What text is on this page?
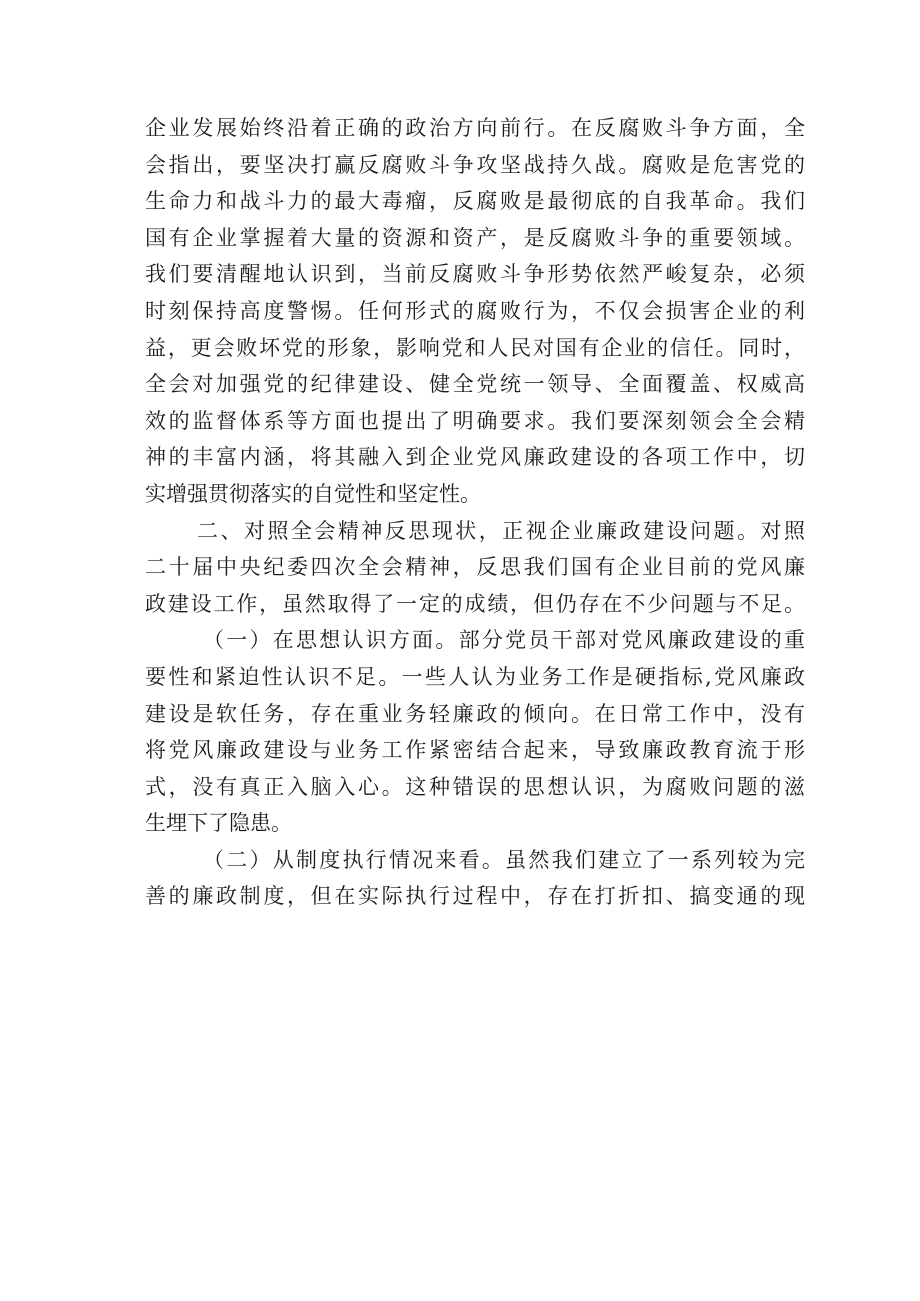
企业发展始终沿着正确的政治方向前行。在反腐败斗争方面，全
会指出，要坚决打赢反腐败斗争攻坚战持久战。腐败是危害党的
生命力和战斗力的最大毒瘤，反腐败是最彻底的自我革命。我们
国有企业掌握着大量的资源和资产，是反腐败斗争的重要领域。
我们要清醒地认识到，当前反腐败斗争形势依然严峻复杂，必须
时刻保持高度警惕。任何形式的腐败行为，不仅会损害企业的利
益，更会败坏党的形象，影响党和人民对国有企业的信任。同时，
全会对加强党的纪律建设、健全党统一领导、全面覆盖、权威高
效的监督体系等方面也提出了明确要求。我们要深刻领会全会精
神的丰富内涵，将其融入到企业党风廉政建设的各项工作中，切
实增强贯彻落实的自觉性和坚定性。
二、对照全会精神反思现状，正视企业廉政建设问题。对照
二十届中央纪委四次全会精神，反思我们国有企业目前的党风廉
政建设工作，虽然取得了一定的成绩，但仍存在不少问题与不足。
（一）在思想认识方面。部分党员干部对党风廉政建设的重
要性和紧迫性认识不足。一些人认为业务工作是硬指标,党风廉政
建设是软任务，存在重业务轻廉政的倾向。在日常工作中，没有
将党风廉政建设与业务工作紧密结合起来，导致廉政教育流于形
式，没有真正入脑入心。这种错误的思想认识，为腐败问题的滋
生埋下了隐患。
（二）从制度执行情况来看。虽然我们建立了一系列较为完
善的廉政制度，但在实际执行过程中，存在打折扣、搞变通的现
